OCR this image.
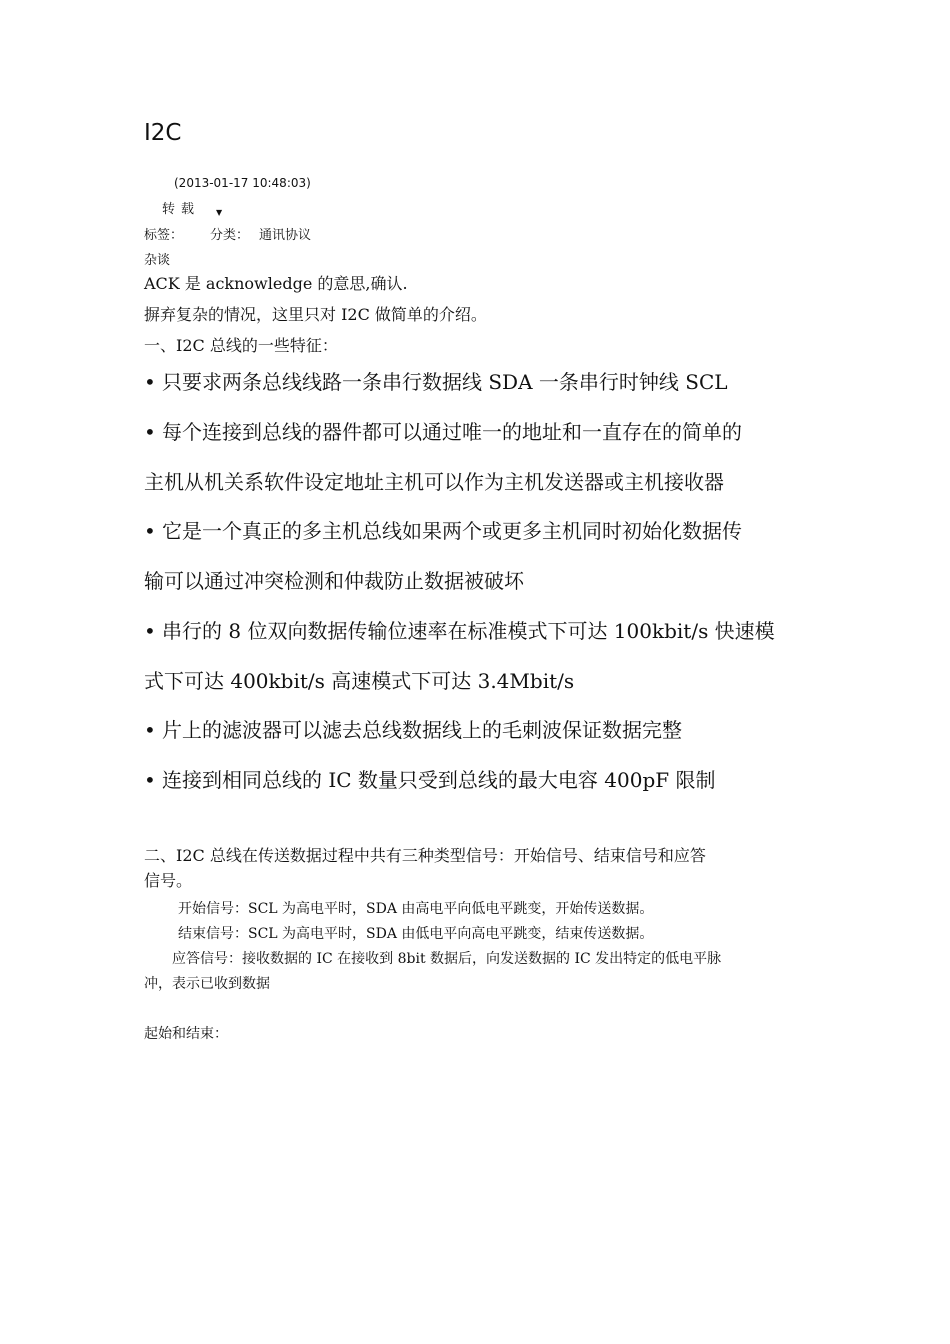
I2C
(2013-01-17 10:48:03)
转载 ▼
标签： 分类： 通讯协议
杂谈
ACK 是 acknowledge 的意思,确认.
摒弃复杂的情况，这里只对 I2C 做简单的介绍。
一、I2C 总线的一些特征：
• 只要求两条总线线路一条串行数据线 SDA 一条串行时钟线 SCL
• 每个连接到总线的器件都可以通过唯一的地址和一直存在的简单的
主机从机关系软件设定地址主机可以作为主机发送器或主机接收器
• 它是一个真正的多主机总线如果两个或更多主机同时初始化数据传
输可以通过冲突检测和仲裁防止数据被破坏
• 串行的 8 位双向数据传输位速率在标准模式下可达 100kbit/s 快速模
式下可达 400kbit/s 高速模式下可达 3.4Mbit/s
• 片上的滤波器可以滤去总线数据线上的毛刺波保证数据完整
• 连接到相同总线的 IC 数量只受到总线的最大电容 400pF 限制
二、I2C 总线在传送数据过程中共有三种类型信号：开始信号、结束信号和应答
信号。
开始信号：SCL 为高电平时，SDA 由高电平向低电平跳变，开始传送数据。
结束信号：SCL 为高电平时，SDA 由低电平向高电平跳变，结束传送数据。
应答信号：接收数据的 IC 在接收到 8bit 数据后，向发送数据的 IC 发出特定的低电平脉
冲，表示已收到数据
起始和结束：
